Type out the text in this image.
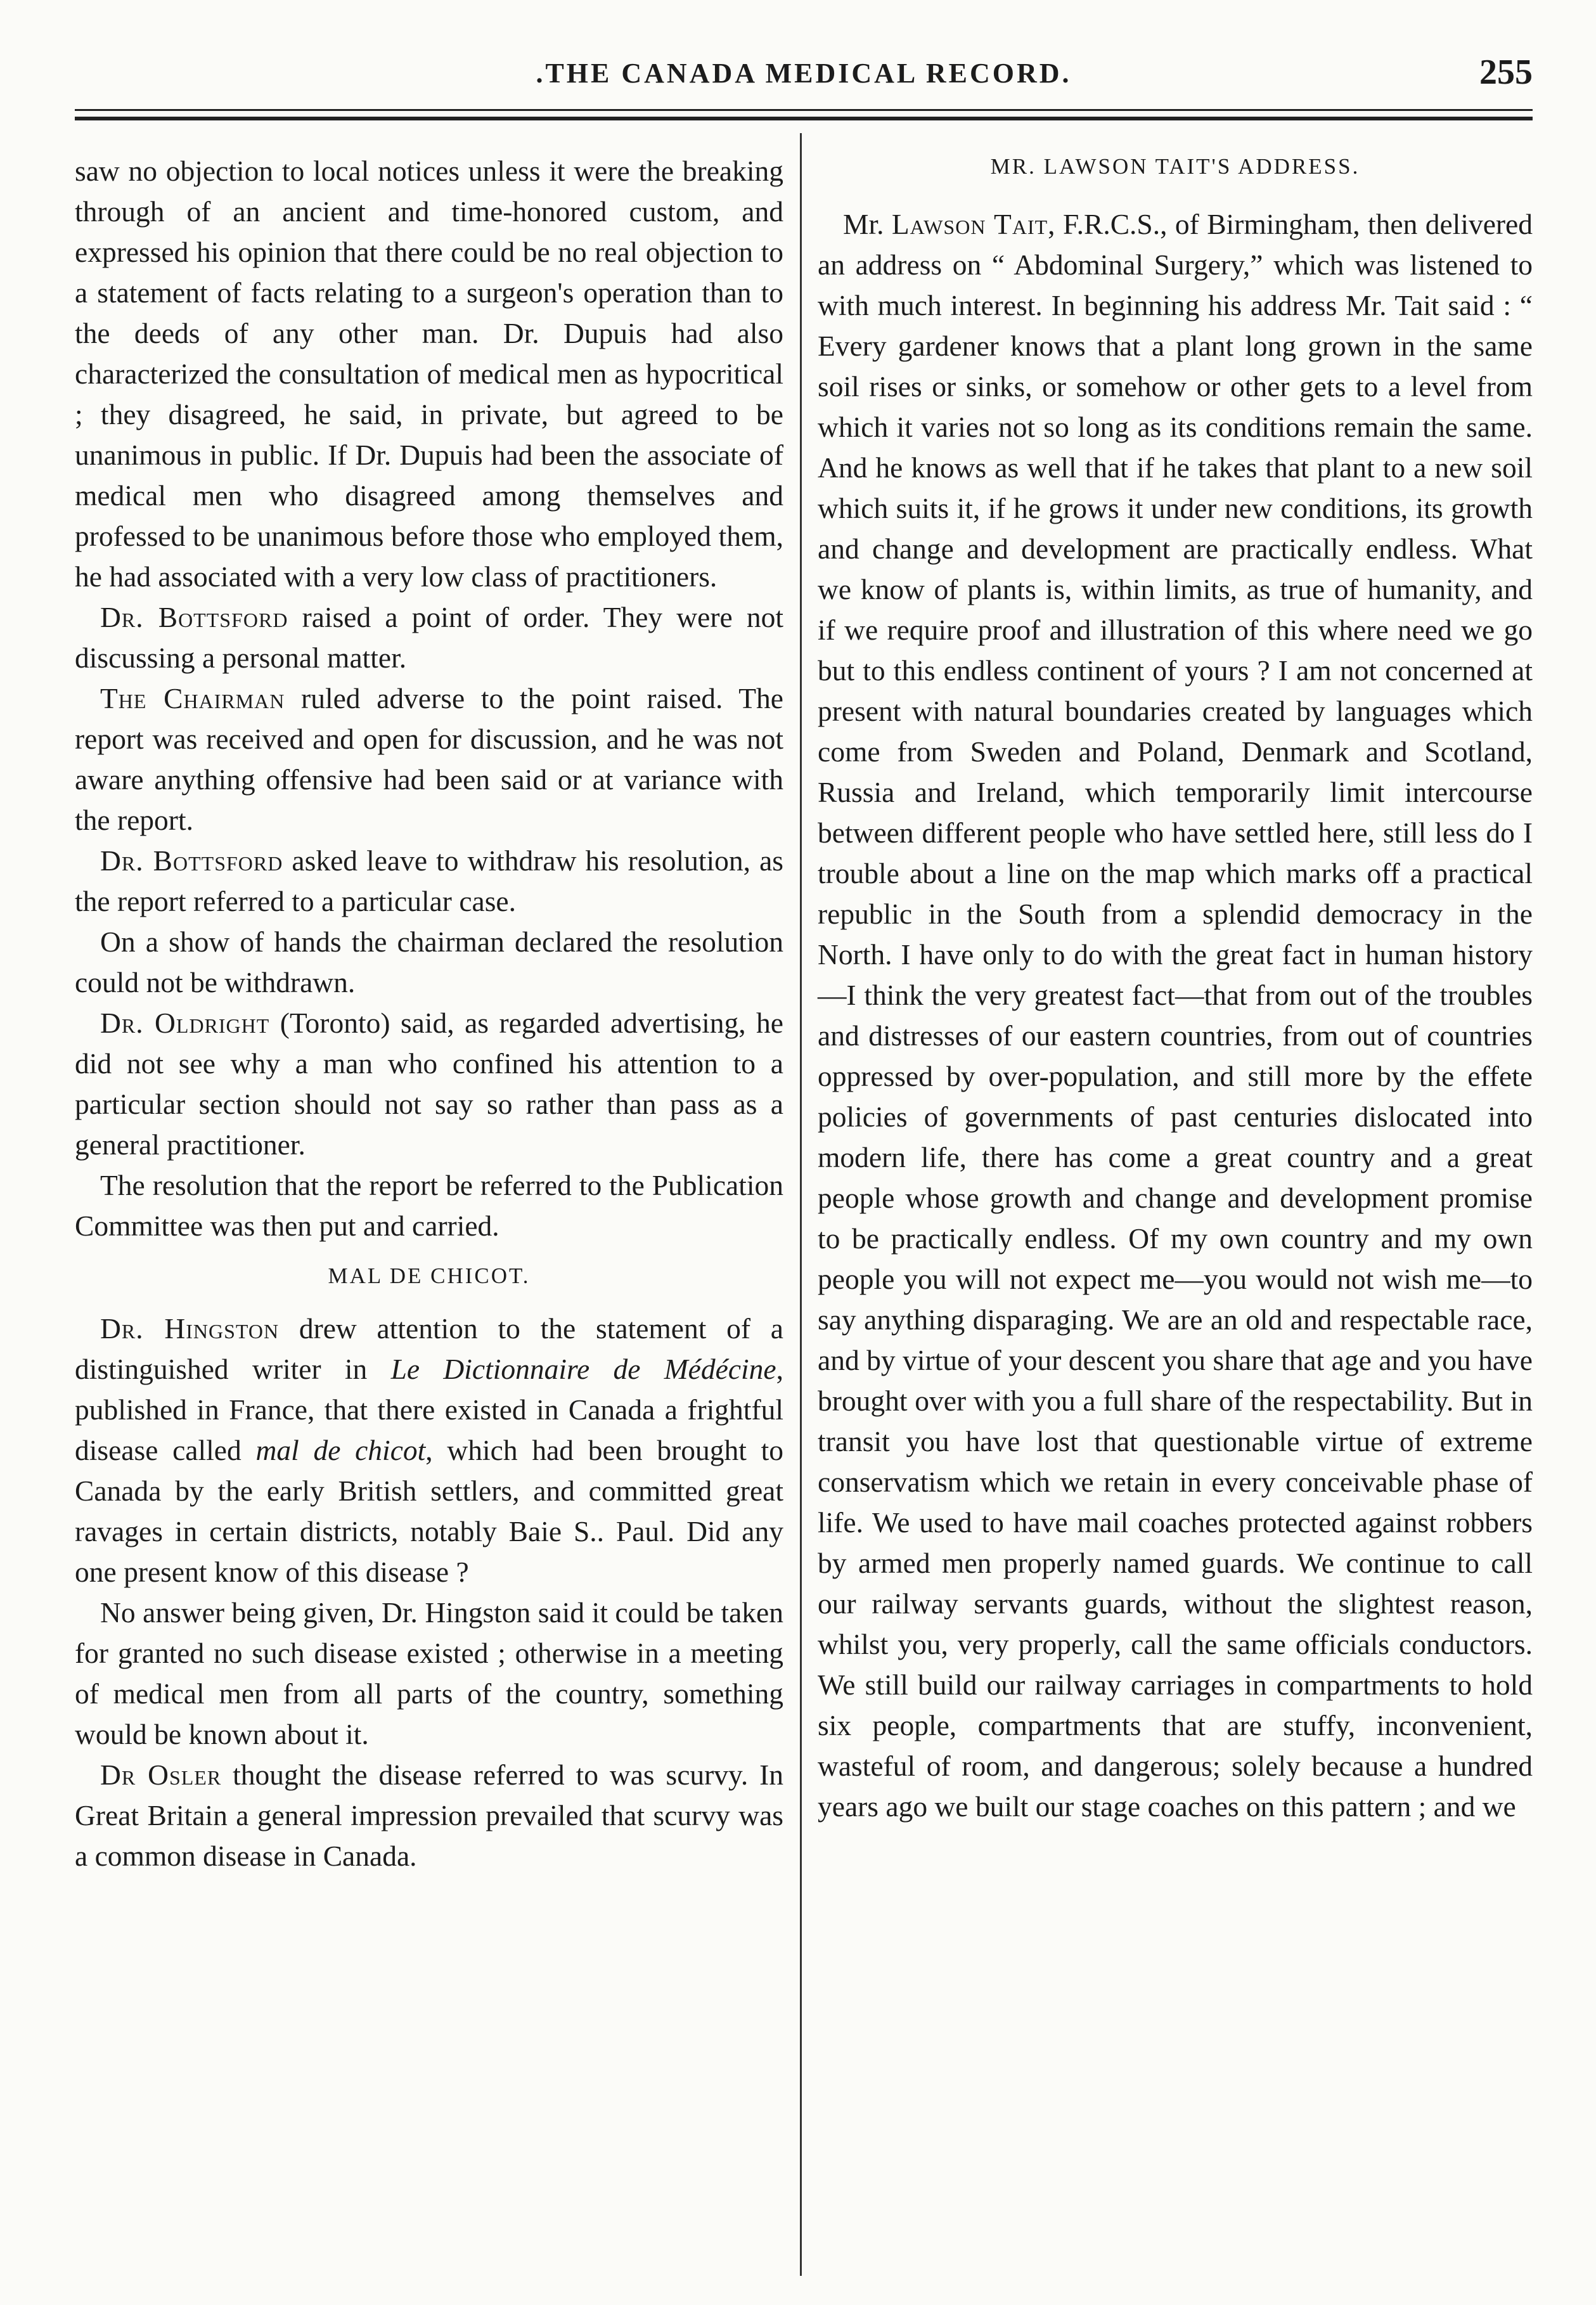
.THE CANADA MEDICAL RECORD.	255

saw no objection to local notices unless it were the breaking through of an ancient and time-honored custom, and expressed his opinion that there could be no real objection to a statement of facts relating to a surgeon's operation than to the deeds of any other man. Dr. Dupuis had also characterized the consultation of medical men as hypocritical ; they disagreed, he said, in private, but agreed to be unanimous in public. If Dr. Dupuis had been the associate of medical men who disagreed among themselves and professed to be unanimous before those who employed them, he had associated with a very low class of practitioners.

Dr. Bottsford raised a point of order. They were not discussing a personal matter.

The Chairman ruled adverse to the point raised. The report was received and open for discussion, and he was not aware anything offensive had been said or at variance with the report.

Dr. Bottsford asked leave to withdraw his resolution, as the report referred to a particular case.

On a show of hands the chairman declared the resolution could not be withdrawn.

Dr. Oldright (Toronto) said, as regarded advertising, he did not see why a man who confined his attention to a particular section should not say so rather than pass as a general practitioner.

The resolution that the report be referred to the Publication Committee was then put and carried.

MAL DE CHICOT.

Dr. Hingston drew attention to the statement of a distinguished writer in Le Dictionnaire de Médécine, published in France, that there existed in Canada a frightful disease called mal de chicot, which had been brought to Canada by the early British settlers, and committed great ravages in certain districts, notably Baie S.. Paul. Did any one present know of this disease ?

No answer being given, Dr. Hingston said it could be taken for granted no such disease existed ; otherwise in a meeting of medical men from all parts of the country, something would be known about it.

Dr Osler thought the disease referred to was scurvy. In Great Britain a general impression prevailed that scurvy was a common disease in Canada.

MR. LAWSON TAIT'S ADDRESS.

Mr. Lawson Tait, F.R.C.S., of Birmingham, then delivered an address on “ Abdominal Surgery,” which was listened to with much interest. In beginning his address Mr. Tait said : “ Every gardener knows that a plant long grown in the same soil rises or sinks, or somehow or other gets to a level from which it varies not so long as its conditions remain the same. And he knows as well that if he takes that plant to a new soil which suits it, if he grows it under new conditions, its growth and change and development are practically endless. What we know of plants is, within limits, as true of humanity, and if we require proof and illustration of this where need we go but to this endless continent of yours ? I am not concerned at present with natural boundaries created by languages which come from Sweden and Poland, Denmark and Scotland, Russia and Ireland, which temporarily limit intercourse between different people who have settled here, still less do I trouble about a line on the map which marks off a practical republic in the South from a splendid democracy in the North. I have only to do with the great fact in human history—I think the very greatest fact—that from out of the troubles and distresses of our eastern countries, from out of countries oppressed by over-population, and still more by the effete policies of governments of past centuries dislocated into modern life, there has come a great country and a great people whose growth and change and development promise to be practically endless. Of my own country and my own people you will not expect me—you would not wish me—to say anything disparaging. We are an old and respectable race, and by virtue of your descent you share that age and you have brought over with you a full share of the respectability. But in transit you have lost that questionable virtue of extreme conservatism which we retain in every conceivable phase of life. We used to have mail coaches protected against robbers by armed men properly named guards. We continue to call our railway servants guards, without the slightest reason, whilst you, very properly, call the same officials conductors. We still build our railway carriages in compartments to hold six people, compartments that are stuffy, inconvenient, wasteful of room, and dangerous; solely because a hundred years ago we built our stage coaches on this pattern ; and we
